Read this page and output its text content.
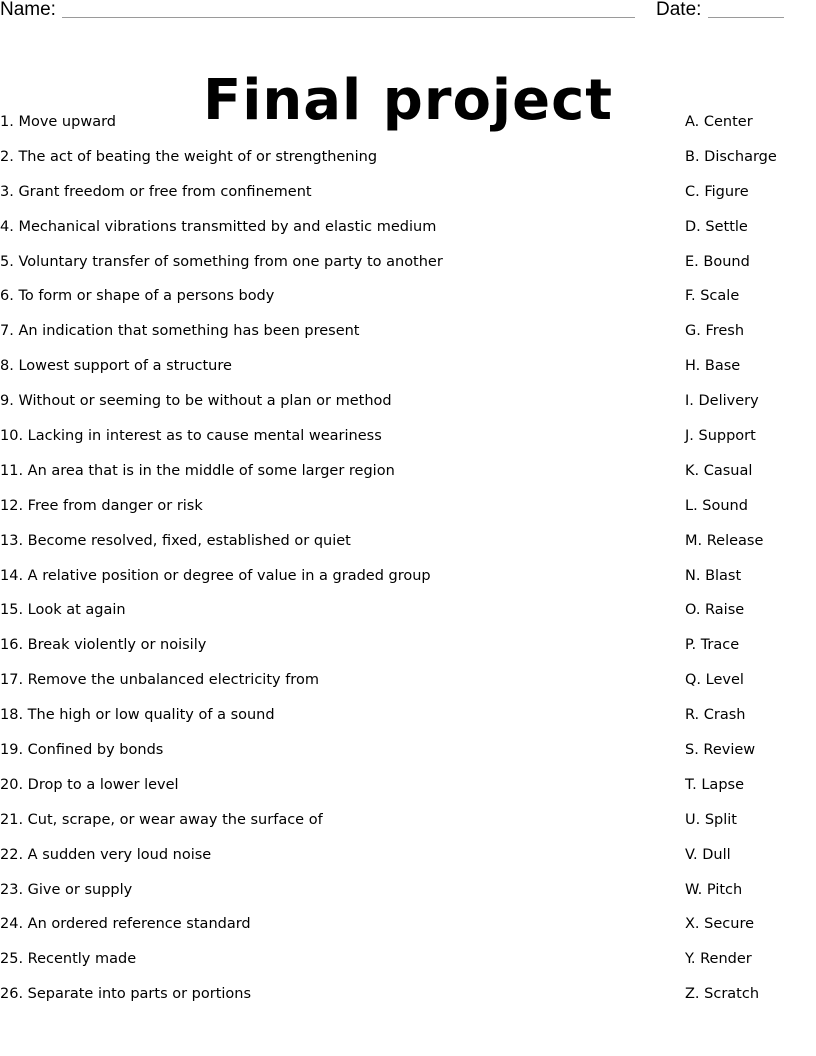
Name:	Date:
Final project
1. Move upward	A. Center
2. The act of beating the weight of or strengthening	B. Discharge
3. Grant freedom or free from confinement	C. Figure
4. Mechanical vibrations transmitted by and elastic medium	D. Settle
5. Voluntary transfer of something from one party to another	E. Bound
6. To form or shape of a persons body	F. Scale
7. An indication that something has been present	G. Fresh
8. Lowest support of a structure	H. Base
9. Without or seeming to be without a plan or method	I. Delivery
10. Lacking in interest as to cause mental weariness	J. Support
11. An area that is in the middle of some larger region	K. Casual
12. Free from danger or risk	L. Sound
13. Become resolved, fixed, established or quiet	M. Release
14. A relative position or degree of value in a graded group	N. Blast
15. Look at again	O. Raise
16. Break violently or noisily	P. Trace
17. Remove the unbalanced electricity from	Q. Level
18. The high or low quality of a sound	R. Crash
19. Confined by bonds	S. Review
20. Drop to a lower level	T. Lapse
21. Cut, scrape, or wear away the surface of	U. Split
22. A sudden very loud noise	V. Dull
23. Give or supply	W. Pitch
24. An ordered reference standard	X. Secure
25. Recently made	Y. Render
26. Separate into parts or portions	Z. Scratch
